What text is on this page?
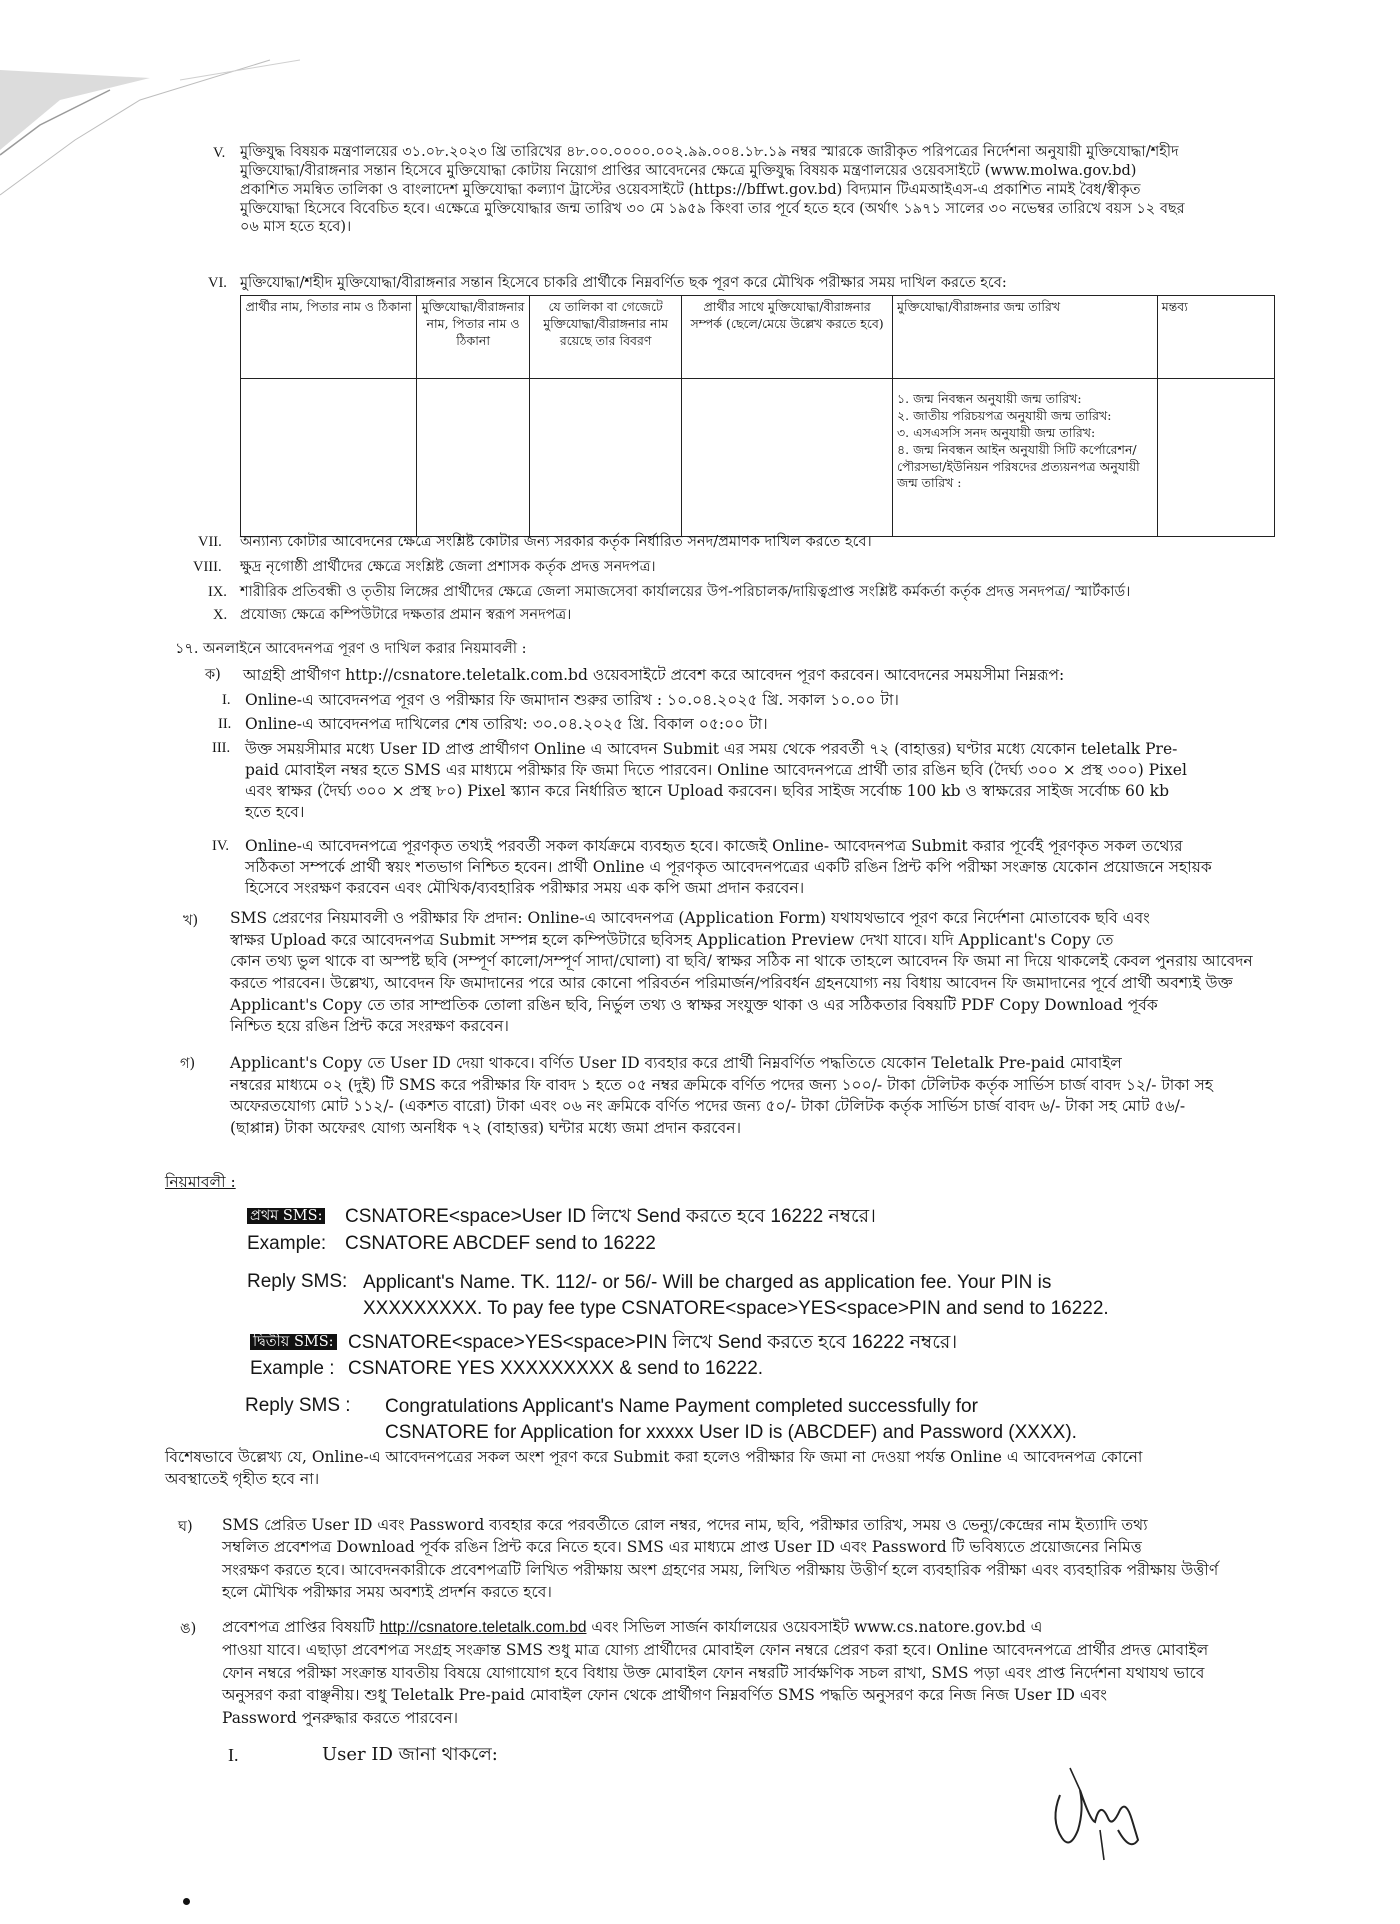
V. মুক্তিযুদ্ধ বিষয়ক মন্ত্রণালয়ের ৩১.০৮.২০২৩ খ্রি তারিখের ৪৮.০০.০০০০.০০২.৯৯.০০৪.১৮.১৯ নম্বর স্মারকে জারীকৃত পরিপত্রের নির্দেশনা অনুযায়ী মুক্তিযোদ্ধা/শহীদ
মুক্তিযোদ্ধা/বীরাঙ্গনার সন্তান হিসেবে মুক্তিযোদ্ধা কোটায় নিয়োগ প্রাপ্তির আবেদনের ক্ষেত্রে মুক্তিযুদ্ধ বিষয়ক মন্ত্রণালয়ের ওয়েবসাইটে (www.molwa.gov.bd)
প্রকাশিত সমন্বিত তালিকা ও বাংলাদেশ মুক্তিযোদ্ধা কল্যাণ ট্রাস্টের ওয়েবসাইটে (https://bffwt.gov.bd) বিদ্যমান টিএমআইএস-এ প্রকাশিত নামই বৈধ/স্বীকৃত
মুক্তিযোদ্ধা হিসেবে বিবেচিত হবে। এক্ষেত্রে মুক্তিযোদ্ধার জন্ম তারিখ ৩০ মে ১৯৫৯ কিংবা তার পূর্বে হতে হবে (অর্থাৎ ১৯৭১ সালের ৩০ নভেম্বর তারিখে বয়স ১২ বছর
০৬ মাস হতে হবে)।
VI. মুক্তিযোদ্ধা/শহীদ মুক্তিযোদ্ধা/বীরাঙ্গনার সন্তান হিসেবে চাকরি প্রার্থীকে নিম্নবর্ণিত ছক পূরণ করে মৌখিক পরীক্ষার সময় দাখিল করতে হবে:
প্রার্থীর নাম, পিতার নাম ও ঠিকানা	মুক্তিযোদ্ধা/বীরাঙ্গনার নাম, পিতার নাম ও ঠিকানা	যে তালিকা বা গেজেটে মুক্তিযোদ্ধা/বীরাঙ্গনার নাম রয়েছে তার বিবরণ	প্রার্থীর সাথে মুক্তিযোদ্ধা/বীরাঙ্গনার সম্পর্ক (ছেলে/মেয়ে উল্লেখ করতে হবে)	মুক্তিযোদ্ধা/বীরাঙ্গনার জন্ম তারিখ	মন্তব্য

				১. জন্ম নিবন্ধন অনুযায়ী জন্ম তারিখ:
২. জাতীয় পরিচয়পত্র অনুযায়ী জন্ম তারিখ:
৩. এসএসসি সনদ অনুযায়ী জন্ম তারিখ:
৪. জন্ম নিবন্ধন আইন অনুযায়ী সিটি কর্পোরেশন/ পৌরসভা/ইউনিয়ন পরিষদের প্রত্যয়নপত্র অনুযায়ী জন্ম তারিখ :	

VII. অন্যান্য কোটার আবেদনের ক্ষেত্রে সংশ্লিষ্ট কোটার জন্য সরকার কর্তৃক নির্ধারিত সনদ/প্রমাণক দাখিল করতে হবে।
VIII. ক্ষুদ্র নৃগোষ্ঠী প্রার্থীদের ক্ষেত্রে সংশ্লিষ্ট জেলা প্রশাসক কর্তৃক প্রদত্ত সনদপত্র।
IX. শারীরিক প্রতিবন্ধী ও তৃতীয় লিঙ্গের প্রার্থীদের ক্ষেত্রে জেলা সমাজসেবা কার্যালয়ের উপ-পরিচালক/দায়িত্বপ্রাপ্ত সংশ্লিষ্ট কর্মকর্তা কর্তৃক প্রদত্ত সনদপত্র/ স্মার্টকার্ড।
X. প্রযোজ্য ক্ষেত্রে কম্পিউটারে দক্ষতার প্রমান স্বরূপ সনদপত্র।
১৭. অনলাইনে আবেদনপত্র পূরণ ও দাখিল করার নিয়মাবলী :
ক) আগ্রহী প্রার্থীগণ http://csnatore.teletalk.com.bd ওয়েবসাইটে প্রবেশ করে আবেদন পূরণ করবেন। আবেদনের সময়সীমা নিম্নরূপ:
I. Online-এ আবেদনপত্র পূরণ ও পরীক্ষার ফি জমাদান শুরুর তারিখ : ১০.০৪.২০২৫ খ্রি. সকাল ১০.০০ টা।
II. Online-এ আবেদনপত্র দাখিলের শেষ তারিখ: ৩০.০৪.২০২৫ খ্রি. বিকাল ০৫:০০ টা।
III. উক্ত সময়সীমার মধ্যে User ID প্রাপ্ত প্রার্থীগণ Online এ আবেদন Submit এর সময় থেকে পরবর্তী ৭২ (বাহাত্তর) ঘণ্টার মধ্যে যেকোন teletalk Pre-
paid মোবাইল নম্বর হতে SMS এর মাধ্যমে পরীক্ষার ফি জমা দিতে পারবেন। Online আবেদনপত্রে প্রার্থী তার রঙিন ছবি (দৈর্ঘ্য ৩০০ × প্রস্থ ৩০০) Pixel
এবং স্বাক্ষর (দৈর্ঘ্য ৩০০ × প্রস্থ ৮০) Pixel স্ক্যান করে নির্ধারিত স্থানে Upload করবেন। ছবির সাইজ সর্বোচ্চ 100 kb ও স্বাক্ষরের সাইজ সর্বোচ্চ 60 kb
হতে হবে।
IV. Online-এ আবেদনপত্রে পূরণকৃত তথ্যই পরবর্তী সকল কার্যক্রমে ব্যবহৃত হবে। কাজেই Online- আবেদনপত্র Submit করার পূর্বেই পূরণকৃত সকল তথ্যের
সঠিকতা সম্পর্কে প্রার্থী স্বয়ং শতভাগ নিশ্চিত হবেন। প্রার্থী Online এ পূরণকৃত আবেদনপত্রের একটি রঙিন প্রিন্ট কপি পরীক্ষা সংক্রান্ত যেকোন প্রয়োজনে সহায়ক
হিসেবে সংরক্ষণ করবেন এবং মৌখিক/ব্যবহারিক পরীক্ষার সময় এক কপি জমা প্রদান করবেন।
খ) SMS প্রেরণের নিয়মাবলী ও পরীক্ষার ফি প্রদান: Online-এ আবেদনপত্র (Application Form) যথাযথভাবে পূরণ করে নির্দেশনা মোতাবেক ছবি এবং
স্বাক্ষর Upload করে আবেদনপত্র Submit সম্পন্ন হলে কম্পিউটারে ছবিসহ Application Preview দেখা যাবে। যদি Applicant's Copy তে
কোন তথ্য ভুল থাকে বা অস্পষ্ট ছবি (সম্পূর্ণ কালো/সম্পূর্ণ সাদা/ঘোলা) বা ছবি/ স্বাক্ষর সঠিক না থাকে তাহলে আবেদন ফি জমা না দিয়ে থাকলেই কেবল পুনরায় আবেদন
করতে পারবেন। উল্লেখ্য, আবেদন ফি জমাদানের পরে আর কোনো পরিবর্তন পরিমার্জন/পরিবর্ধন গ্রহনযোগ্য নয় বিধায় আবেদন ফি জমাদানের পূর্বে প্রার্থী অবশ্যই উক্ত
Applicant's Copy তে তার সাম্প্রতিক তোলা রঙিন ছবি, নির্ভুল তথ্য ও স্বাক্ষর সংযুক্ত থাকা ও এর সঠিকতার বিষয়টি PDF Copy Download পূর্বক
নিশ্চিত হয়ে রঙিন প্রিন্ট করে সংরক্ষণ করবেন।
গ) Applicant's Copy তে User ID দেয়া থাকবে। বর্ণিত User ID ব্যবহার করে প্রার্থী নিম্নবর্ণিত পদ্ধতিতে যেকোন Teletalk Pre-paid মোবাইল
নম্বরের মাধ্যমে ০২ (দুই) টি SMS করে পরীক্ষার ফি বাবদ ১ হতে ০৫ নম্বর ক্রমিকে বর্ণিত পদের জন্য ১০০/- টাকা টেলিটক কর্তৃক সার্ভিস চার্জ বাবদ ১২/- টাকা সহ
অফেরতযোগ্য মোট ১১২/- (একশত বারো) টাকা এবং ০৬ নং ক্রমিকে বর্ণিত পদের জন্য ৫০/- টাকা টেলিটক কর্তৃক সার্ভিস চার্জ বাবদ ৬/- টাকা সহ মোট ৫৬/-
(ছাপ্পান্ন) টাকা অফেরৎ যোগ্য অনধিক ৭২ (বাহাত্তর) ঘন্টার মধ্যে জমা প্রদান করবেন।
নিয়মাবলী :
প্রথম SMS: CSNATORE<space>User ID লিখে Send করতে হবে 16222 নম্বরে।
Example: CSNATORE ABCDEF send to 16222
Reply SMS: Applicant's Name. TK. 112/- or 56/- Will be charged as application fee. Your PIN is
XXXXXXXXX. To pay fee type CSNATORE<space>YES<space>PIN and send to 16222.
দ্বিতীয় SMS: CSNATORE<space>YES<space>PIN লিখে Send করতে হবে 16222 নম্বরে।
Example : CSNATORE YES XXXXXXXXX & send to 16222.
Reply SMS : Congratulations Applicant's Name Payment completed successfully for
CSNATORE for Application for xxxxx User ID is (ABCDEF) and Password (XXXX).
বিশেষভাবে উল্লেখ্য যে, Online-এ আবেদনপত্রের সকল অংশ পূরণ করে Submit করা হলেও পরীক্ষার ফি জমা না দেওয়া পর্যন্ত Online এ আবেদনপত্র কোনো
অবস্থাতেই গৃহীত হবে না।
ঘ) SMS প্রেরিত User ID এবং Password ব্যবহার করে পরবর্তীতে রোল নম্বর, পদের নাম, ছবি, পরীক্ষার তারিখ, সময় ও ভেন্যু/কেন্দ্রের নাম ইত্যাদি তথ্য
সম্বলিত প্রবেশপত্র Download পূর্বক রঙিন প্রিন্ট করে নিতে হবে। SMS এর মাধ্যমে প্রাপ্ত User ID এবং Password টি ভবিষ্যতে প্রয়োজনের নিমিত্ত
সংরক্ষণ করতে হবে। আবেদনকারীকে প্রবেশপত্রটি লিখিত পরীক্ষায় অংশ গ্রহণের সময়, লিখিত পরীক্ষায় উত্তীর্ণ হলে ব্যবহারিক পরীক্ষা এবং ব্যবহারিক পরীক্ষায় উত্তীর্ণ
হলে মৌখিক পরীক্ষার সময় অবশ্যই প্রদর্শন করতে হবে।
ঙ) প্রবেশপত্র প্রাপ্তির বিষয়টি http://csnatore.teletalk.com.bd এবং সিভিল সার্জন কার্যালয়ের ওয়েবসাইট www.cs.natore.gov.bd এ
পাওয়া যাবে। এছাড়া প্রবেশপত্র সংগ্রহ সংক্রান্ত SMS শুধু মাত্র যোগ্য প্রার্থীদের মোবাইল ফোন নম্বরে প্রেরণ করা হবে। Online আবেদনপত্রে প্রার্থীর প্রদত্ত মোবাইল
ফোন নম্বরে পরীক্ষা সংক্রান্ত যাবতীয় বিষয়ে যোগাযোগ হবে বিধায় উক্ত মোবাইল ফোন নম্বরটি সার্বক্ষণিক সচল রাখা, SMS পড়া এবং প্রাপ্ত নির্দেশনা যথাযথ ভাবে
অনুসরণ করা বাঞ্ছনীয়। শুধু Teletalk Pre-paid মোবাইল ফোন থেকে প্রার্থীগণ নিম্নবর্ণিত SMS পদ্ধতি অনুসরণ করে নিজ নিজ User ID এবং
Password পুনরুদ্ধার করতে পারবেন।
I.	User ID জানা থাকলে:
